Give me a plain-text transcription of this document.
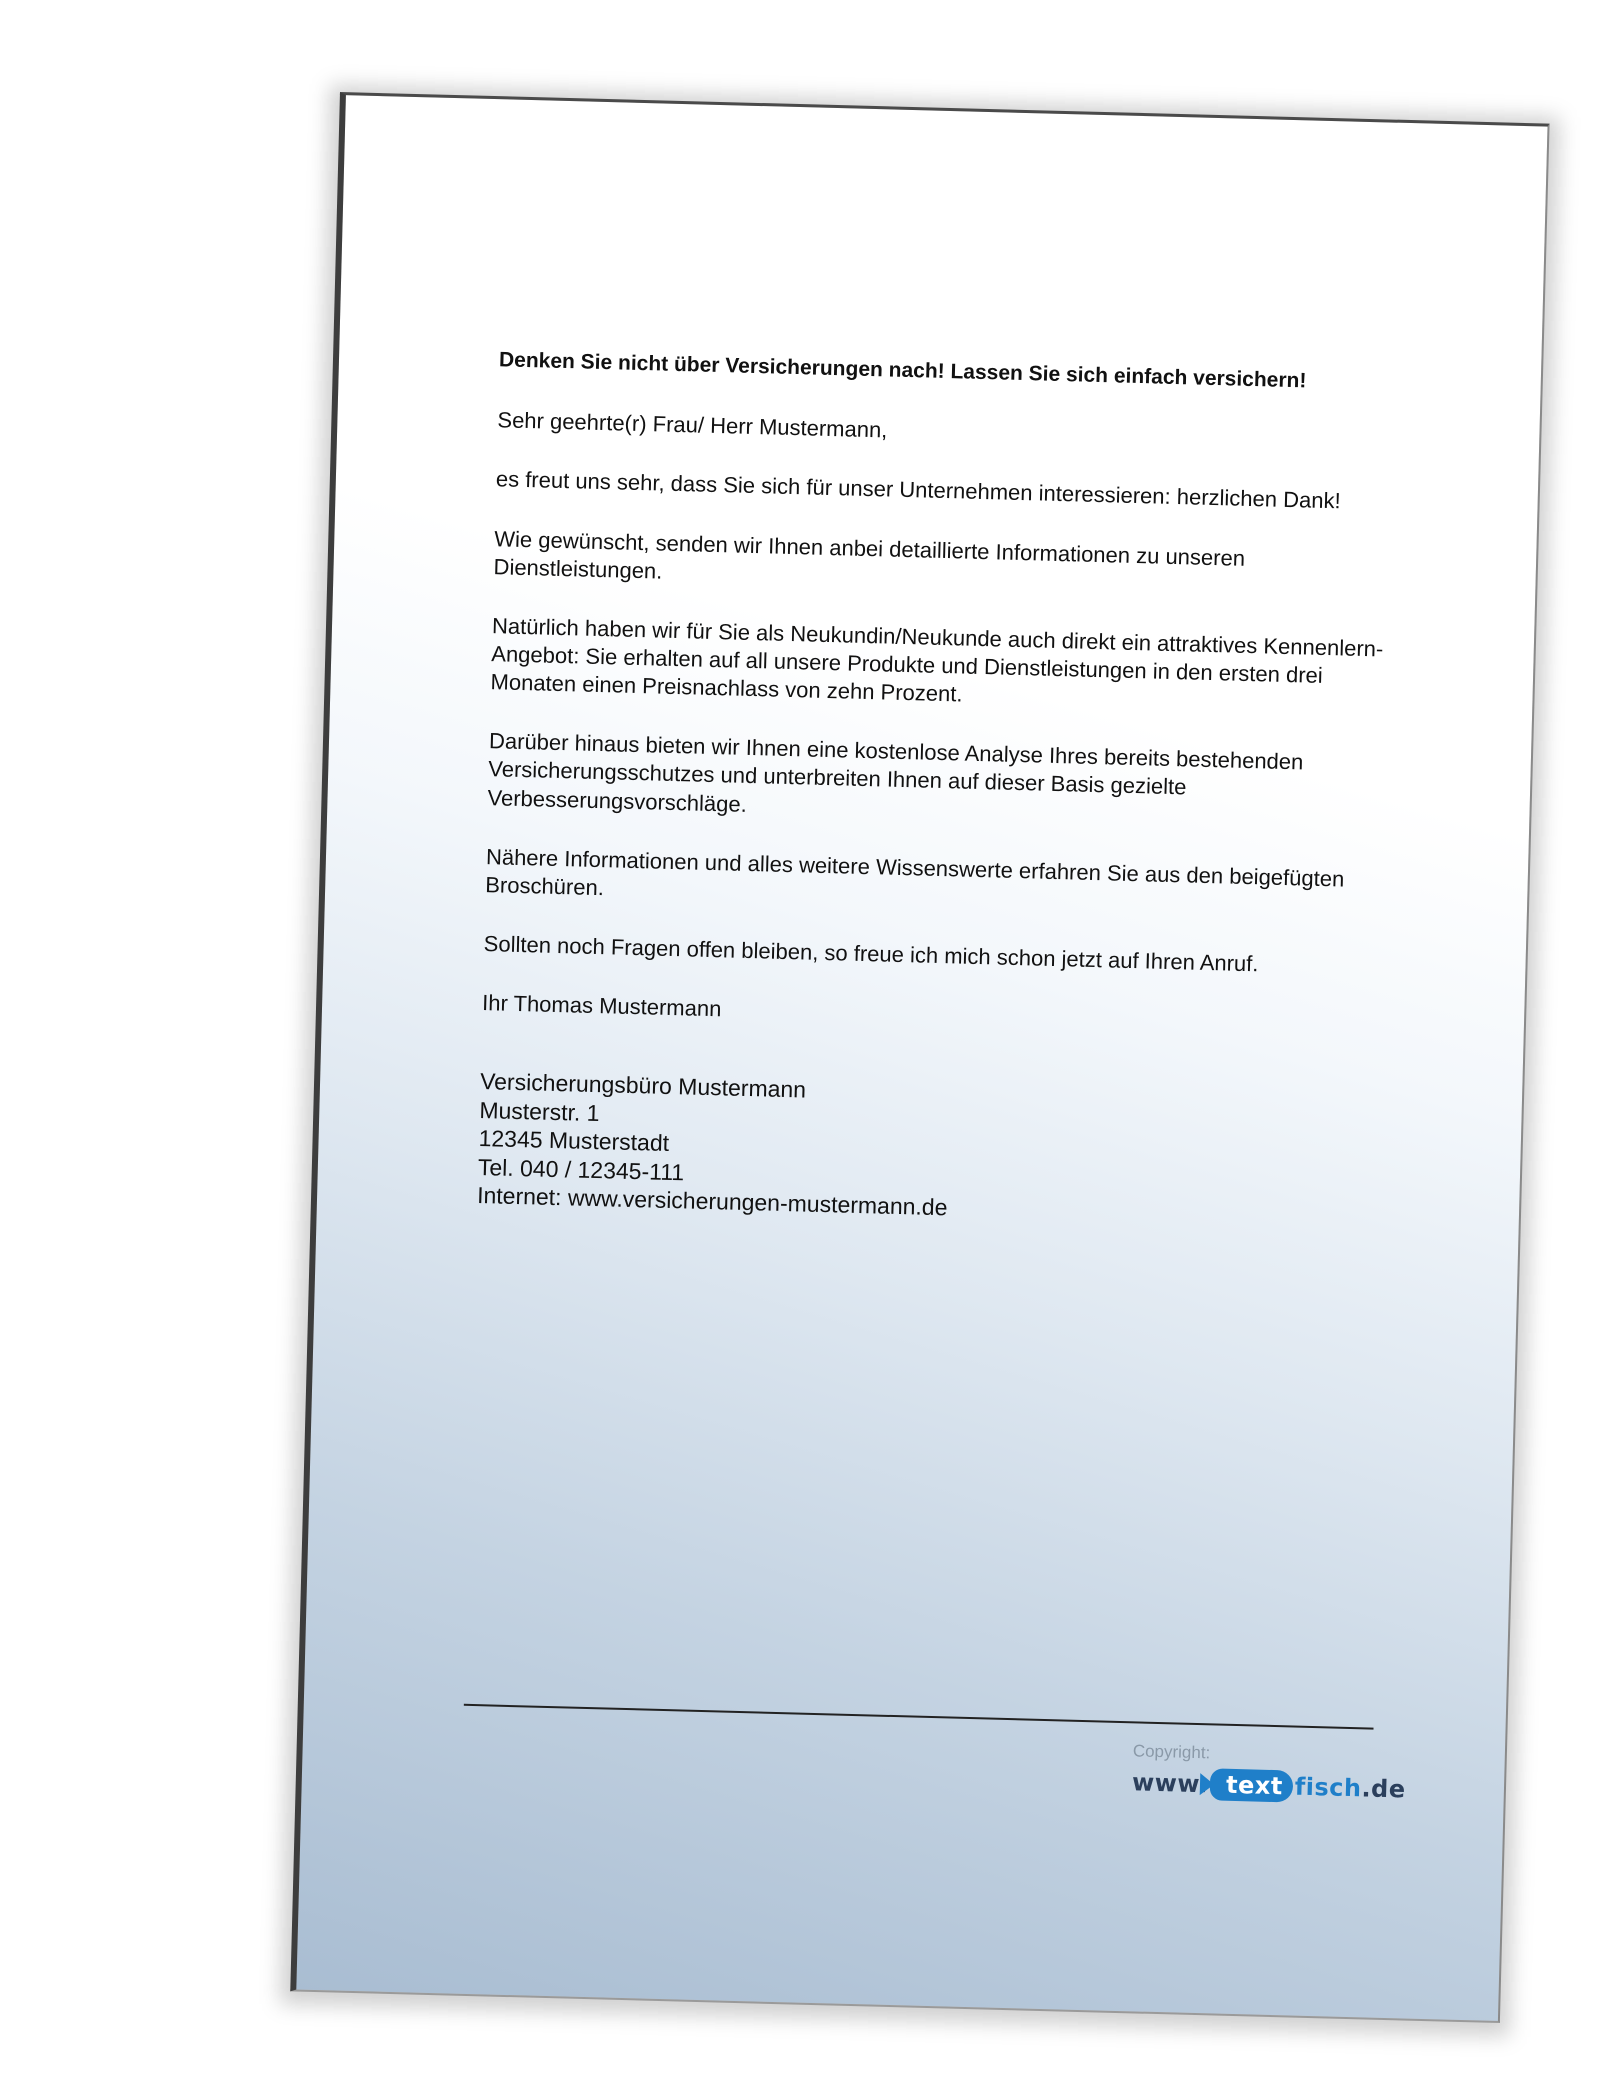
Denken Sie nicht über Versicherungen nach! Lassen Sie sich einfach versichern!

Sehr geehrte(r) Frau/ Herr Mustermann,

es freut uns sehr, dass Sie sich für unser Unternehmen interessieren: herzlichen Dank!

Wie gewünscht, senden wir Ihnen anbei detaillierte Informationen zu unseren Dienstleistungen.

Natürlich haben wir für Sie als Neukundin/Neukunde auch direkt ein attraktives Kennenlern-Angebot: Sie erhalten auf all unsere Produkte und Dienstleistungen in den ersten drei Monaten einen Preisnachlass von zehn Prozent.

Darüber hinaus bieten wir Ihnen eine kostenlose Analyse Ihres bereits bestehenden Versicherungsschutzes und unterbreiten Ihnen auf dieser Basis gezielte Verbesserungsvorschläge.

Nähere Informationen und alles weitere Wissenswerte erfahren Sie aus den beigefügten Broschüren.

Sollten noch Fragen offen bleiben, so freue ich mich schon jetzt auf Ihren Anruf.

Ihr Thomas Mustermann

Versicherungsbüro Mustermann
Musterstr. 1
12345 Musterstadt
Tel. 040 / 12345-111
Internet: www.versicherungen-mustermann.de
Copyright:
www. text fisch .de
